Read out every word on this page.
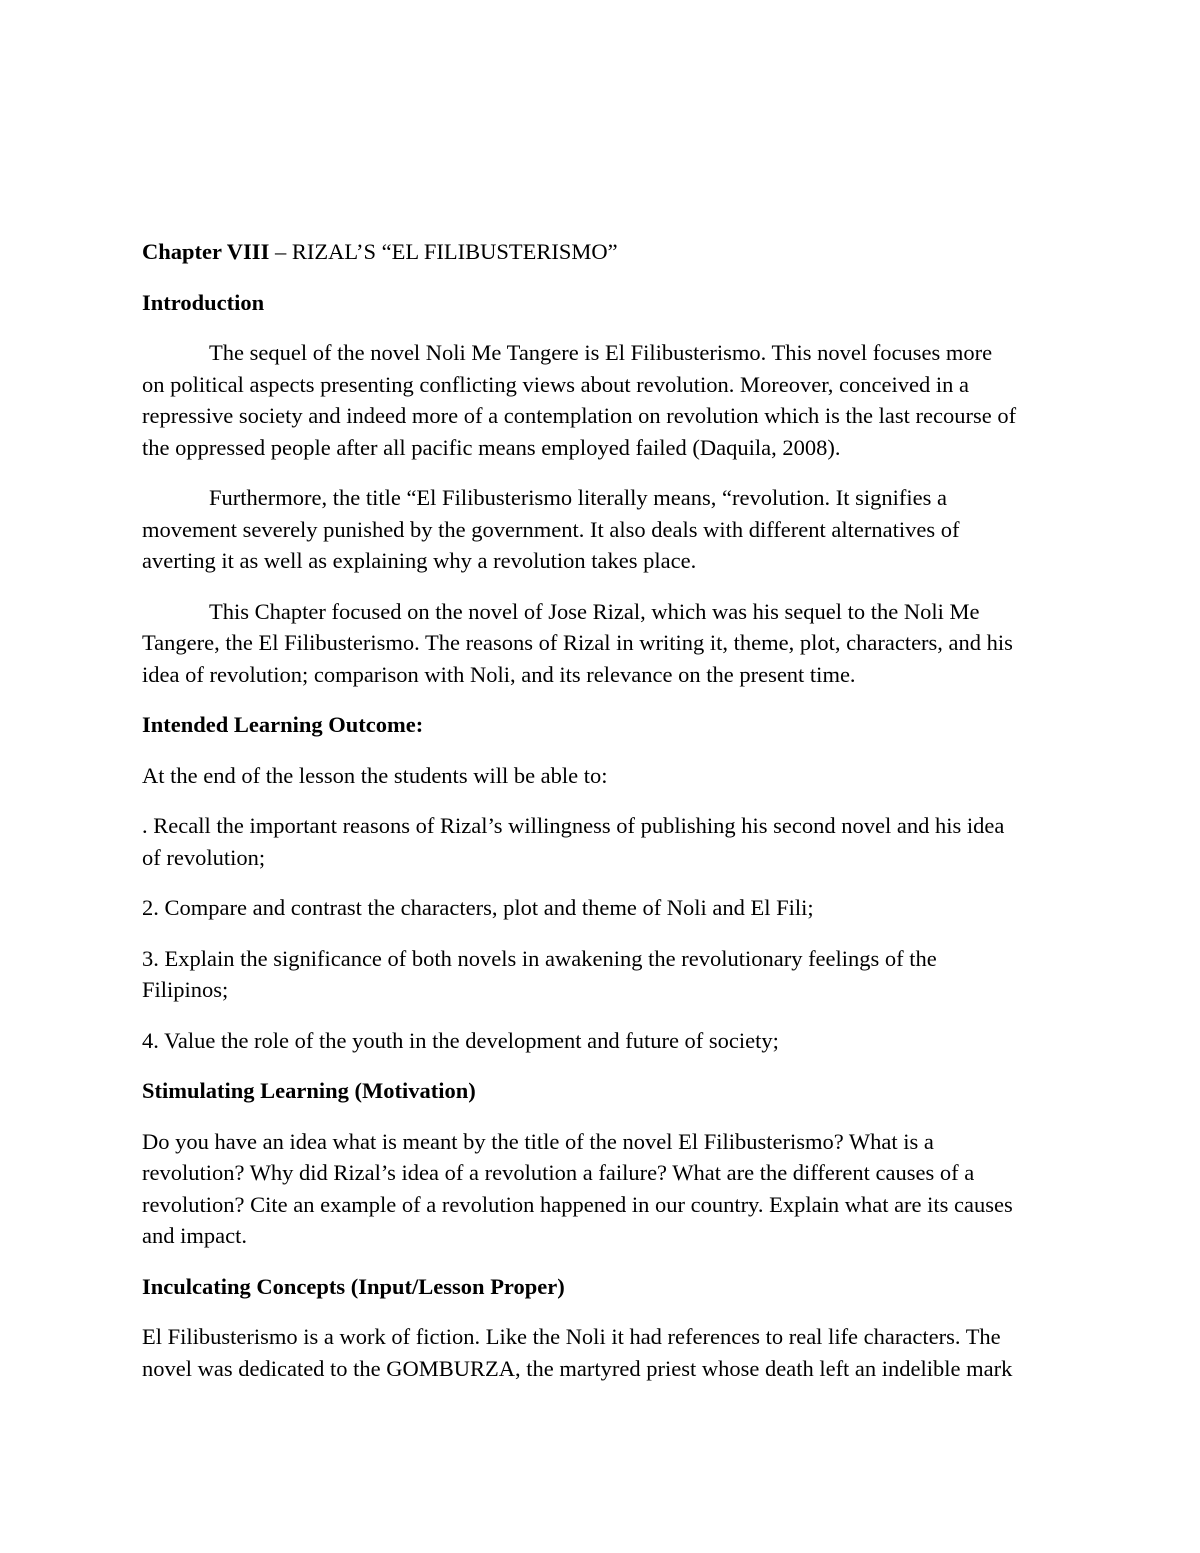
Chapter VIII – RIZAL’S “EL FILIBUSTERISMO”
Introduction
The sequel of the novel Noli Me Tangere is El Filibusterismo. This novel focuses more
on political aspects presenting conflicting views about revolution. Moreover, conceived in a
repressive society and indeed more of a contemplation on revolution which is the last recourse of
the oppressed people after all pacific means employed failed (Daquila, 2008).
Furthermore, the title “El Filibusterismo literally means, “revolution. It signifies a
movement severely punished by the government. It also deals with different alternatives of
averting it as well as explaining why a revolution takes place.
This Chapter focused on the novel of Jose Rizal, which was his sequel to the Noli Me
Tangere, the El Filibusterismo. The reasons of Rizal in writing it, theme, plot, characters, and his
idea of revolution; comparison with Noli, and its relevance on the present time.
Intended Learning Outcome:
At the end of the lesson the students will be able to:
. Recall the important reasons of Rizal’s willingness of publishing his second novel and his idea
of revolution;
2. Compare and contrast the characters, plot and theme of Noli and El Fili;
3. Explain the significance of both novels in awakening the revolutionary feelings of the
Filipinos;
4. Value the role of the youth in the development and future of society;
Stimulating Learning (Motivation)
Do you have an idea what is meant by the title of the novel El Filibusterismo? What is a
revolution? Why did Rizal’s idea of a revolution a failure? What are the different causes of a
revolution? Cite an example of a revolution happened in our country. Explain what are its causes
and impact.
Inculcating Concepts (Input/Lesson Proper)
El Filibusterismo is a work of fiction. Like the Noli it had references to real life characters. The
novel was dedicated to the GOMBURZA, the martyred priest whose death left an indelible mark
